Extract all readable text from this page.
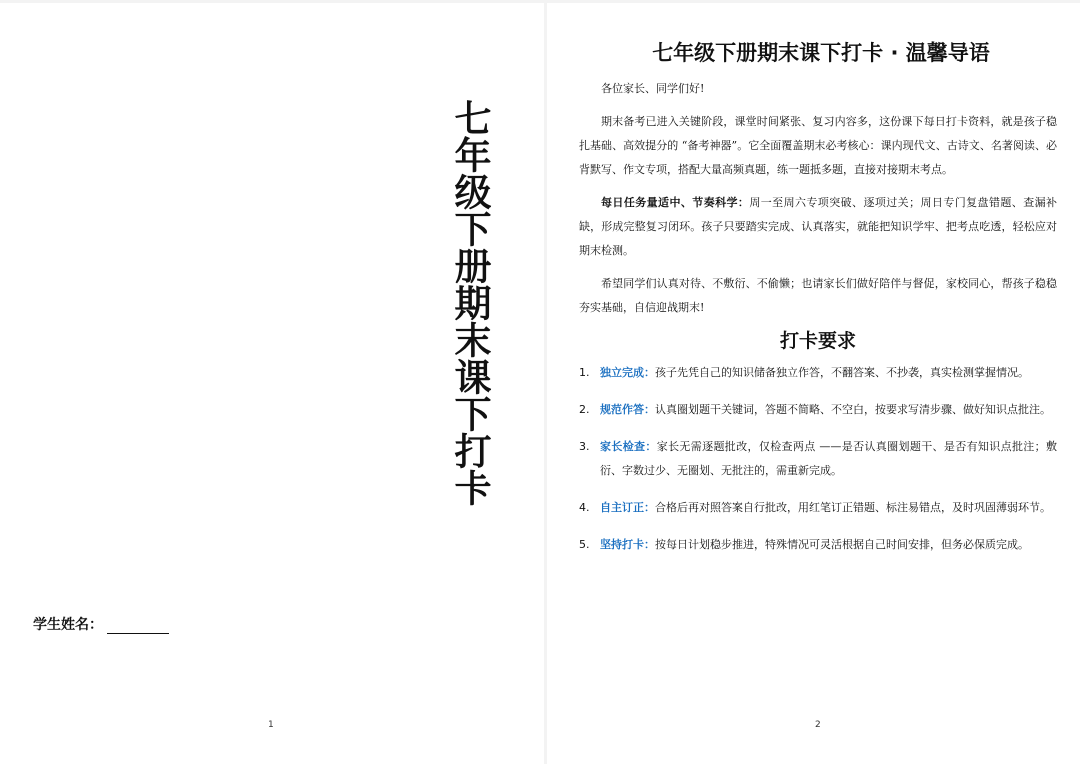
七年级下册期末课下打卡
学生姓名：
1
七年级下册期末课下打卡 · 温馨导语

各位家长、同学们好!

期末备考已进入关键阶段，课堂时间紧张、复习内容多，这份课下每日打卡资料，就是孩子稳扎基础、高效提分的 “备考神器”。它全面覆盖期末必考核心：课内现代文、古诗文、名著阅读、必背默写、作文专项，搭配大量高频真题，练一题抵多题，直接对接期末考点。

每日任务量适中、节奏科学：周一至周六专项突破、逐项过关；周日专门复盘错题、查漏补缺，形成完整复习闭环。孩子只要踏实完成、认真落实，就能把知识学牢、把考点吃透，轻松应对期末检测。

希望同学们认真对待、不敷衍、不偷懒；也请家长们做好陪伴与督促，家校同心，帮孩子稳稳夯实基础，自信迎战期末!

打卡要求
1. 独立完成：孩子先凭自己的知识储备独立作答，不翻答案、不抄袭，真实检测掌握情况。
2. 规范作答：认真圈划题干关键词，答题不简略、不空白，按要求写清步骤、做好知识点批注。
3. 家长检查：家长无需逐题批改，仅检查两点 ——是否认真圈划题干、是否有知识点批注；敷衍、字数过少、无圈划、无批注的，需重新完成。
4. 自主订正：合格后再对照答案自行批改，用红笔订正错题、标注易错点，及时巩固薄弱环节。
5. 坚持打卡：按每日计划稳步推进，特殊情况可灵活根据自己时间安排，但务必保质完成。
2
